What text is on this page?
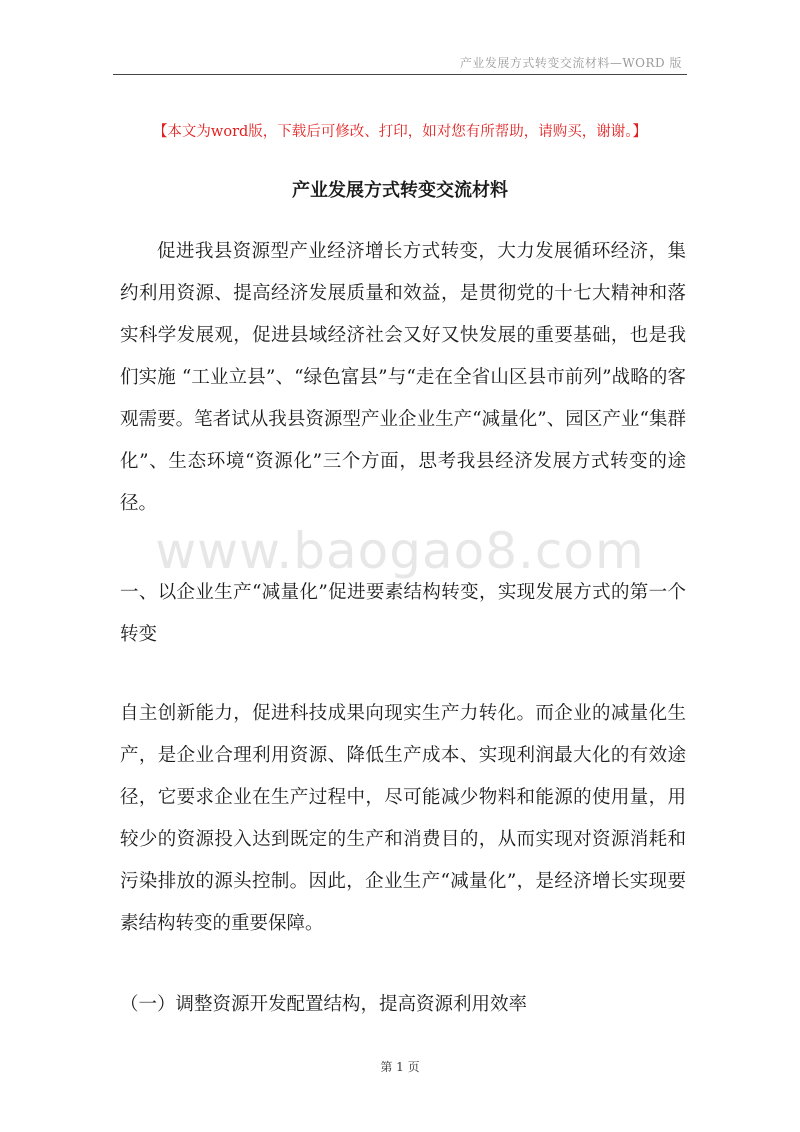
产业发展方式转变交流材料—WORD 版
【本文为word版，下载后可修改、打印，如对您有所帮助，请购买，谢谢。】
产业发展方式转变交流材料

促进我县资源型产业经济增长方式转变，大力发展循环经济，集约利用资源、提高经济发展质量和效益，是贯彻党的十七大精神和落实科学发展观，促进县域经济社会又好又快发展的重要基础，也是我们实施 “工业立县”、“绿色富县”与“走在全省山区县市前列”战略的客观需要。笔者试从我县资源型产业企业生产“减量化”、园区产业“集群化”、生态环境“资源化”三个方面，思考我县经济发展方式转变的途径。

www.baogao8.com

一、以企业生产“减量化”促进要素结构转变，实现发展方式的第一个转变

自主创新能力，促进科技成果向现实生产力转化。而企业的减量化生产，是企业合理利用资源、降低生产成本、实现利润最大化的有效途径，它要求企业在生产过程中，尽可能减少物料和能源的使用量，用较少的资源投入达到既定的生产和消费目的，从而实现对资源消耗和污染排放的源头控制。因此，企业生产“减量化”，是经济增长实现要素结构转变的重要保障。

（一）调整资源开发配置结构，提高资源利用效率
第 1 页
